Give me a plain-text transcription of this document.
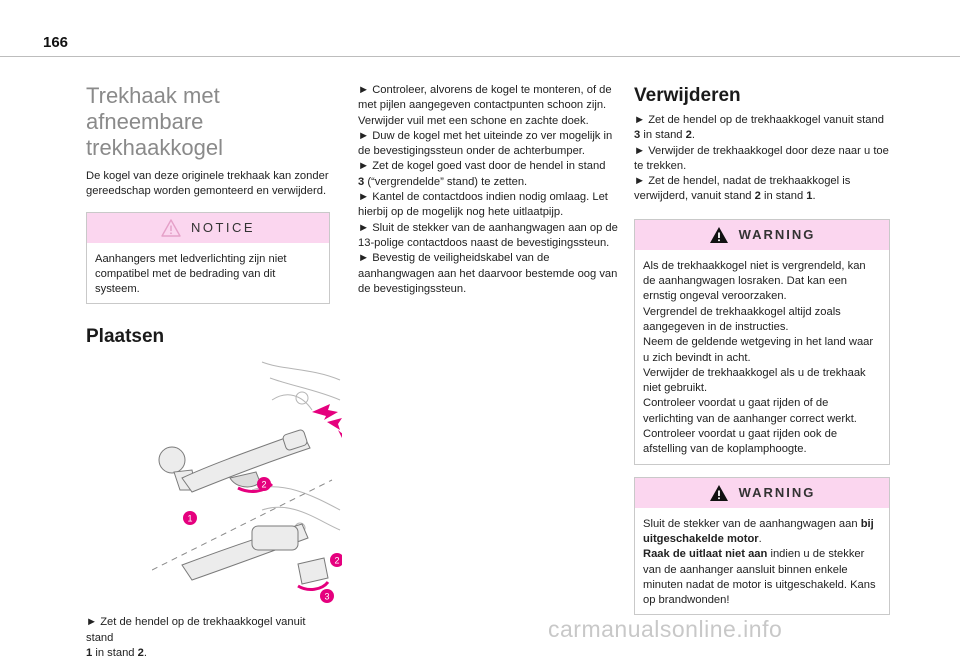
166
Trekhaak met afneembare
trekhaakkogel

De kogel van deze originele trekhaak kan zonder gereedschap worden gemonteerd en verwijderd.

NOTICE
Aanhangers met ledverlichting zijn niet compatibel met de bedrading van dit systeem.
Plaatsen
2
1
2
3

► Zet de hendel op de trekhaakkogel vanuit stand
1 in stand 2.

► Controleer, alvorens de kogel te monteren, of de met pijlen aangegeven contactpunten schoon zijn. Verwijder vuil met een schone en zachte doek.

► Duw de kogel met het uiteinde zo ver mogelijk in de bevestigingssteun onder de achterbumper.

► Zet de kogel goed vast door de hendel in stand
3 (“vergrendelde” stand) te zetten.

► Kantel de contactdoos indien nodig omlaag. Let hierbij op de mogelijk nog hete uitlaatpijp.

► Sluit de stekker van de aanhangwagen aan op de 13-polige contactdoos naast de bevestigingssteun.

► Bevestig de veiligheidskabel van de aanhangwagen aan het daarvoor bestemde oog van de bevestigingssteun.

Verwijderen

► Zet de hendel op de trekhaakkogel vanuit stand
3 in stand 2.

► Verwijder de trekhaakkogel door deze naar u toe te trekken.

► Zet de hendel, nadat de trekhaakkogel is verwijderd, vanuit stand 2 in stand 1.

WARNING

Als de trekhaakkogel niet is vergrendeld, kan de aanhangwagen losraken. Dat kan een ernstig ongeval veroorzaken.

Vergrendel de trekhaakkogel altijd zoals aangegeven in de instructies.

Neem de geldende wetgeving in het land waar u zich bevindt in acht.

Verwijder de trekhaakkogel als u de trekhaak niet gebruikt.

Controleer voordat u gaat rijden of de verlichting van de aanhanger correct werkt.

Controleer voordat u gaat rijden ook de afstelling van de koplamphoogte.

WARNING

Sluit de stekker van de aanhangwagen aan bij uitgeschakelde motor.

Raak de uitlaat niet aan indien u de stekker van de aanhanger aansluit binnen enkele minuten nadat de motor is uitgeschakeld. Kans op brandwonden!

carmanualsonline.info
